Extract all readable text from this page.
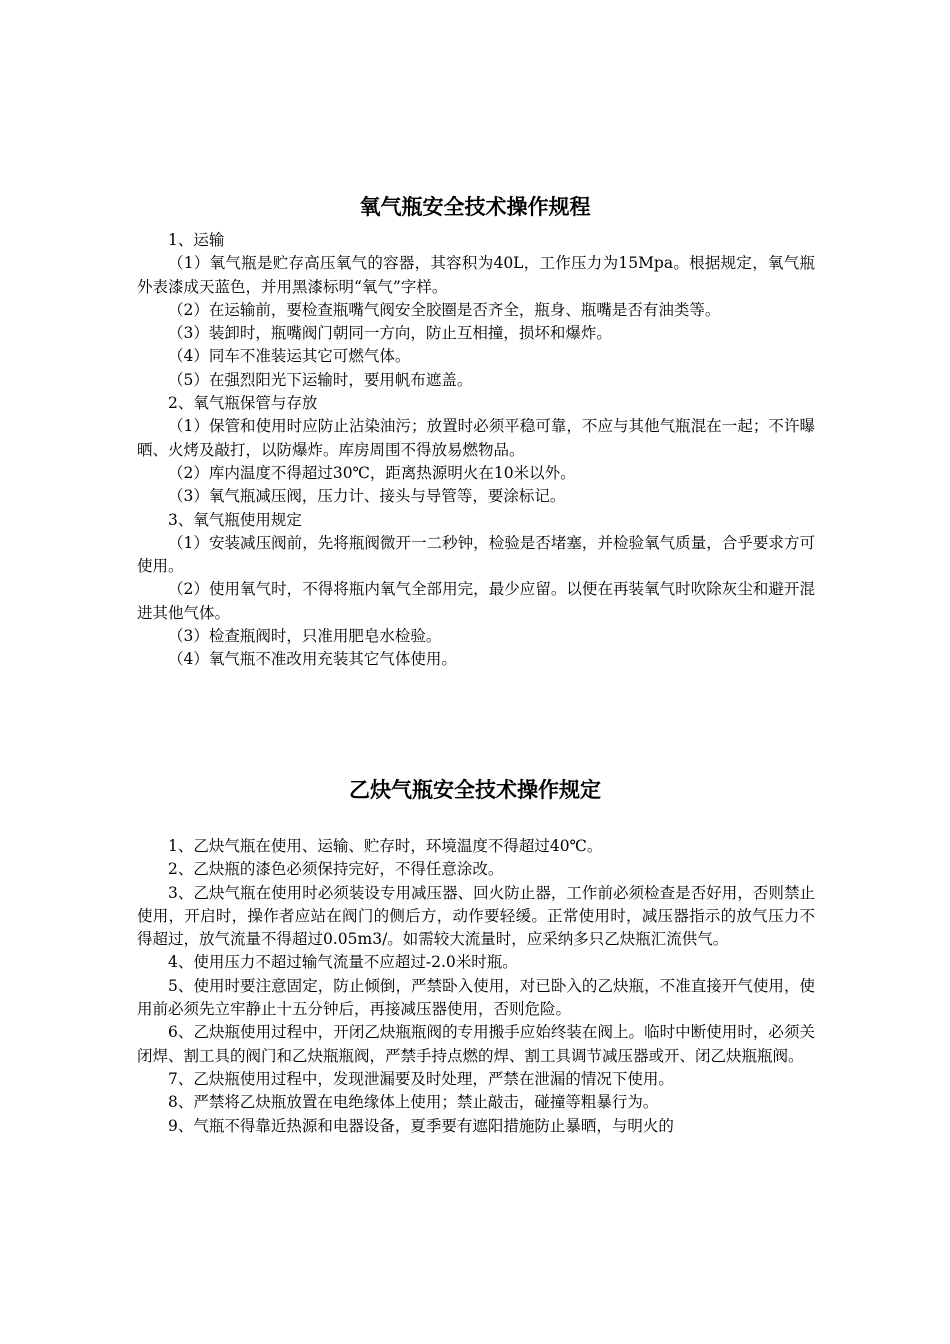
氧气瓶安全技术操作规程

1、运输

（1）氧气瓶是贮存高压氧气的容器，其容积为40L，工作压力为15Mpa。根据规定，氧气瓶外表漆成天蓝色，并用黑漆标明“氧气”字样。

（2）在运输前，要检查瓶嘴气阀安全胶圈是否齐全，瓶身、瓶嘴是否有油类等。

（3）装卸时，瓶嘴阀门朝同一方向，防止互相撞，损坏和爆炸。

（4）同车不准装运其它可燃气体。

（5）在强烈阳光下运输时，要用帆布遮盖。

2、氧气瓶保管与存放

（1）保管和使用时应防止沾染油污；放置时必须平稳可靠，不应与其他气瓶混在一起；不许曝晒、火烤及敲打，以防爆炸。库房周围不得放易燃物品。

（2）库内温度不得超过30℃，距离热源明火在10米以外。

（3）氧气瓶减压阀，压力计、接头与导管等，要涂标记。

3、氧气瓶使用规定

（1）安装减压阀前，先将瓶阀微开一二秒钟，检验是否堵塞，并检验氧气质量，合乎要求方可使用。

（2）使用氧气时，不得将瓶内氧气全部用完，最少应留。以便在再装氧气时吹除灰尘和避开混进其他气体。

（3）检查瓶阀时，只准用肥皂水检验。

（4）氧气瓶不准改用充装其它气体使用。

乙炔气瓶安全技术操作规定

1、乙炔气瓶在使用、运输、贮存时，环境温度不得超过40℃。

2、乙炔瓶的漆色必须保持完好，不得任意涂改。

3、乙炔气瓶在使用时必须装设专用减压器、回火防止器，工作前必须检查是否好用，否则禁止使用，开启时，操作者应站在阀门的侧后方，动作要轻缓。正常使用时，减压器指示的放气压力不得超过，放气流量不得超过0.05m3/。如需较大流量时，应采纳多只乙炔瓶汇流供气。

4、使用压力不超过输气流量不应超过-2.0米时瓶。

5、使用时要注意固定，防止倾倒，严禁卧入使用，对已卧入的乙炔瓶，不准直接开气使用，使用前必须先立牢静止十五分钟后，再接减压器使用，否则危险。

6、乙炔瓶使用过程中，开闭乙炔瓶瓶阀的专用搬手应始终装在阀上。临时中断使用时，必须关闭焊、割工具的阀门和乙炔瓶瓶阀，严禁手持点燃的焊、割工具调节减压器或开、闭乙炔瓶瓶阀。

7、乙炔瓶使用过程中，发现泄漏要及时处理，严禁在泄漏的情况下使用。

8、严禁将乙炔瓶放置在电绝缘体上使用；禁止敲击，碰撞等粗暴行为。

9、气瓶不得靠近热源和电器设备，夏季要有遮阳措施防止暴晒，与明火的
